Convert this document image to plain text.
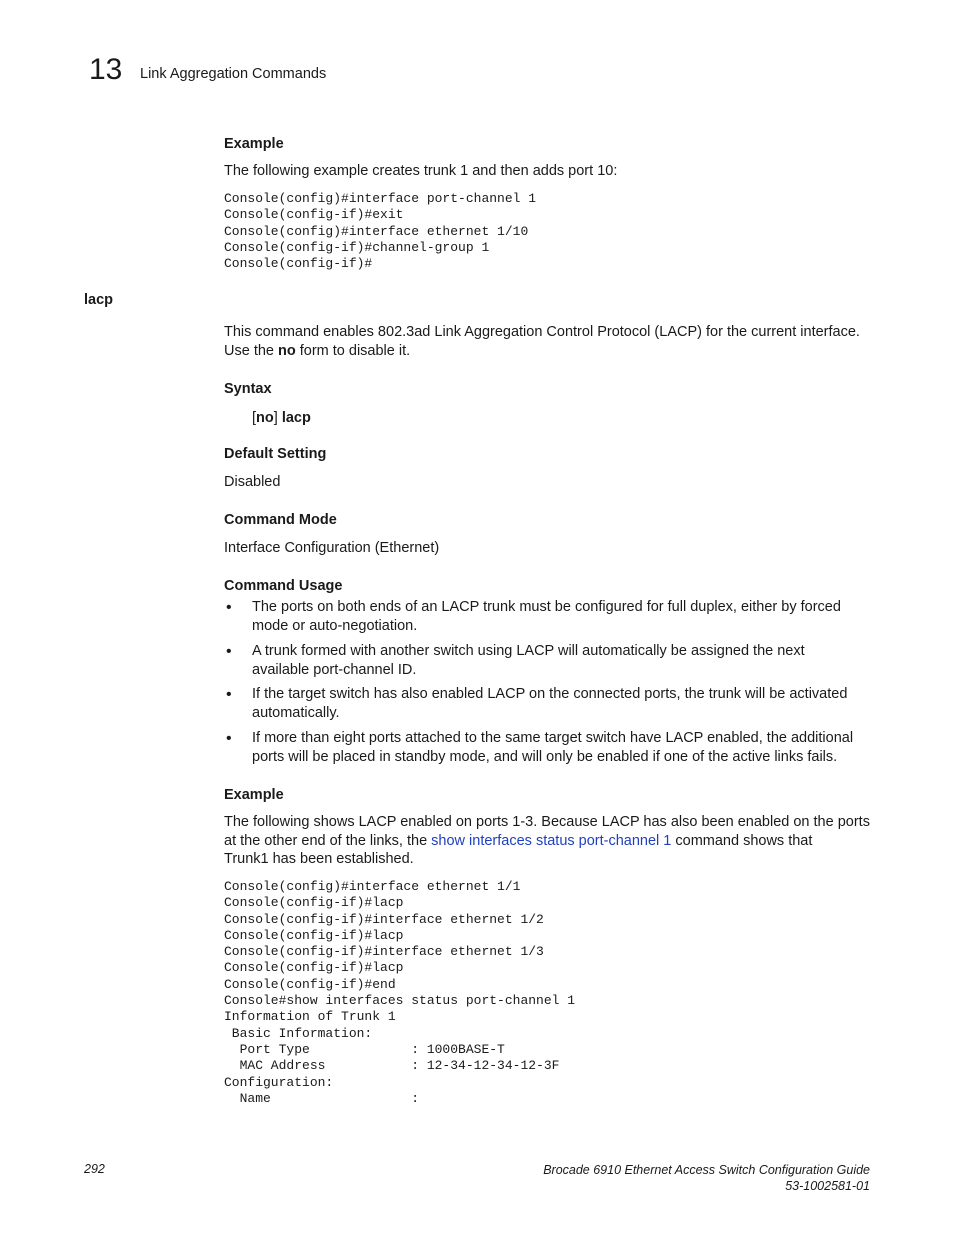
13 Link Aggregation Commands
Example
The following example creates trunk 1 and then adds port 10:
Console(config)#interface port-channel 1
Console(config-if)#exit
Console(config)#interface ethernet 1/10
Console(config-if)#channel-group 1
Console(config-if)#
lacp
This command enables 802.3ad Link Aggregation Control Protocol (LACP) for the current interface.
Use the no form to disable it.
Syntax
[no] lacp
Default Setting
Disabled
Command Mode
Interface Configuration (Ethernet)
Command Usage
• The ports on both ends of an LACP trunk must be configured for full duplex, either by forced
mode or auto-negotiation.
• A trunk formed with another switch using LACP will automatically be assigned the next
available port-channel ID.
• If the target switch has also enabled LACP on the connected ports, the trunk will be activated
automatically.
• If more than eight ports attached to the same target switch have LACP enabled, the additional
ports will be placed in standby mode, and will only be enabled if one of the active links fails.
Example
The following shows LACP enabled on ports 1-3. Because LACP has also been enabled on the ports
at the other end of the links, the show interfaces status port-channel 1 command shows that
Trunk1 has been established.
Console(config)#interface ethernet 1/1
Console(config-if)#lacp
Console(config-if)#interface ethernet 1/2
Console(config-if)#lacp
Console(config-if)#interface ethernet 1/3
Console(config-if)#lacp
Console(config-if)#end
Console#show interfaces status port-channel 1
Information of Trunk 1
Basic Information:
Port Type             : 1000BASE-T
MAC Address           : 12-34-12-34-12-3F
Configuration:
Name                  :
292	Brocade 6910 Ethernet Access Switch Configuration Guide
53-1002581-01
